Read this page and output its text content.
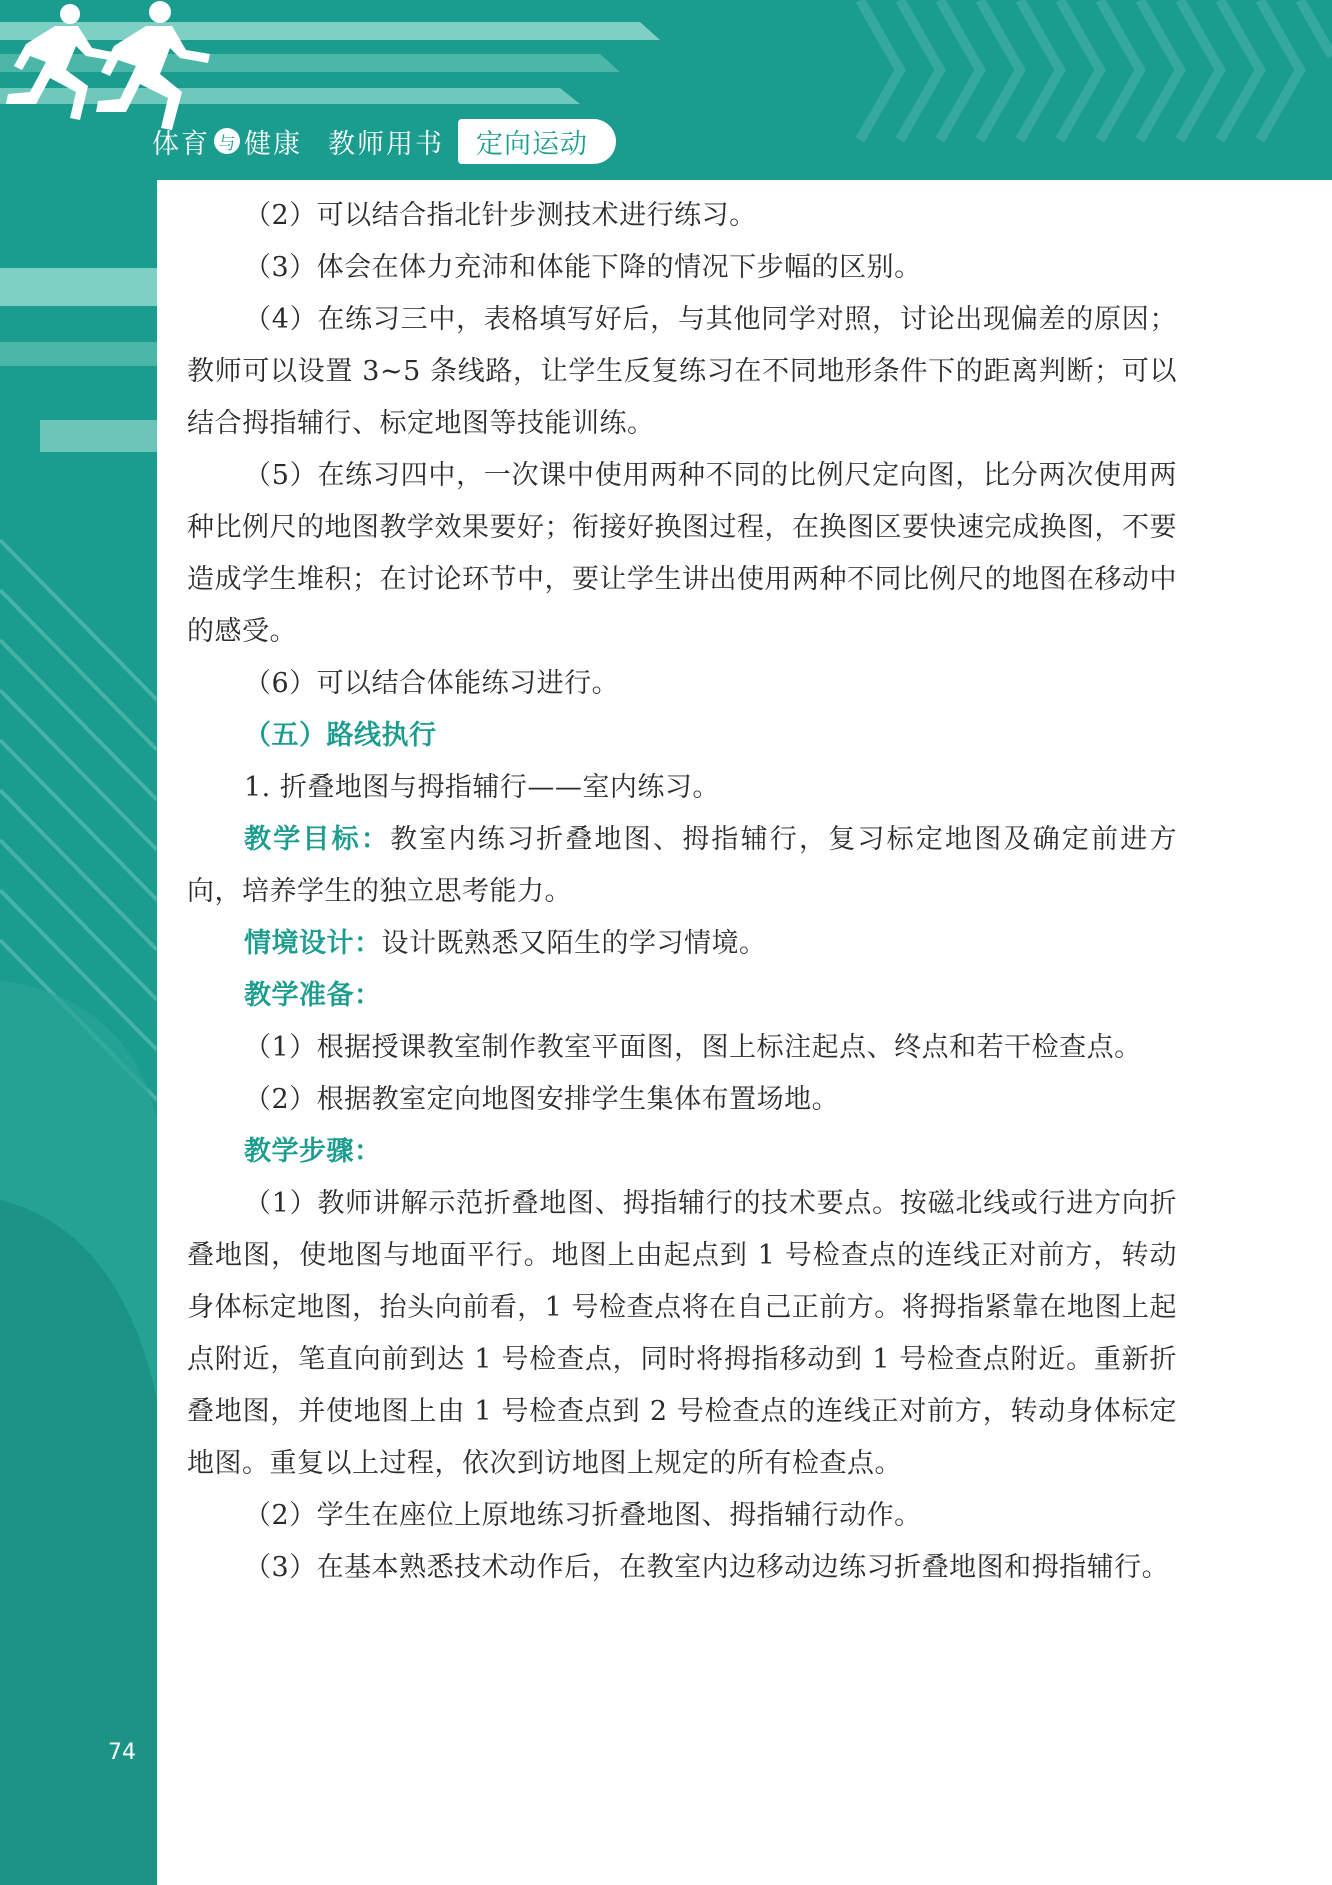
74
体育 与 健康 教师用书	定向运动

（2）可以结合指北针步测技术进行练习。

（3）体会在体力充沛和体能下降的情况下步幅的区别。

（4）在练习三中，表格填写好后，与其他同学对照，讨论出现偏差的原因；教师可以设置 3~5 条线路，让学生反复练习在不同地形条件下的距离判断；可以结合拇指辅行、标定地图等技能训练。

（5）在练习四中，一次课中使用两种不同的比例尺定向图，比分两次使用两种比例尺的地图教学效果要好；衔接好换图过程，在换图区要快速完成换图，不要造成学生堆积；在讨论环节中，要让学生讲出使用两种不同比例尺的地图在移动中的感受。

（6）可以结合体能练习进行。

（五）路线执行

1. 折叠地图与拇指辅行——室内练习。

教学目标：教室内练习折叠地图、拇指辅行，复习标定地图及确定前进方向，培养学生的独立思考能力。

情境设计：设计既熟悉又陌生的学习情境。

教学准备：

（1）根据授课教室制作教室平面图，图上标注起点、终点和若干检查点。

（2）根据教室定向地图安排学生集体布置场地。

教学步骤：

（1）教师讲解示范折叠地图、拇指辅行的技术要点。按磁北线或行进方向折叠地图，使地图与地面平行。地图上由起点到 1 号检查点的连线正对前方，转动身体标定地图，抬头向前看，1 号检查点将在自己正前方。将拇指紧靠在地图上起点附近，笔直向前到达 1 号检查点，同时将拇指移动到 1 号检查点附近。重新折叠地图，并使地图上由 1 号检查点到 2 号检查点的连线正对前方，转动身体标定地图。重复以上过程，依次到访地图上规定的所有检查点。

（2）学生在座位上原地练习折叠地图、拇指辅行动作。

（3）在基本熟悉技术动作后，在教室内边移动边练习折叠地图和拇指辅行。
